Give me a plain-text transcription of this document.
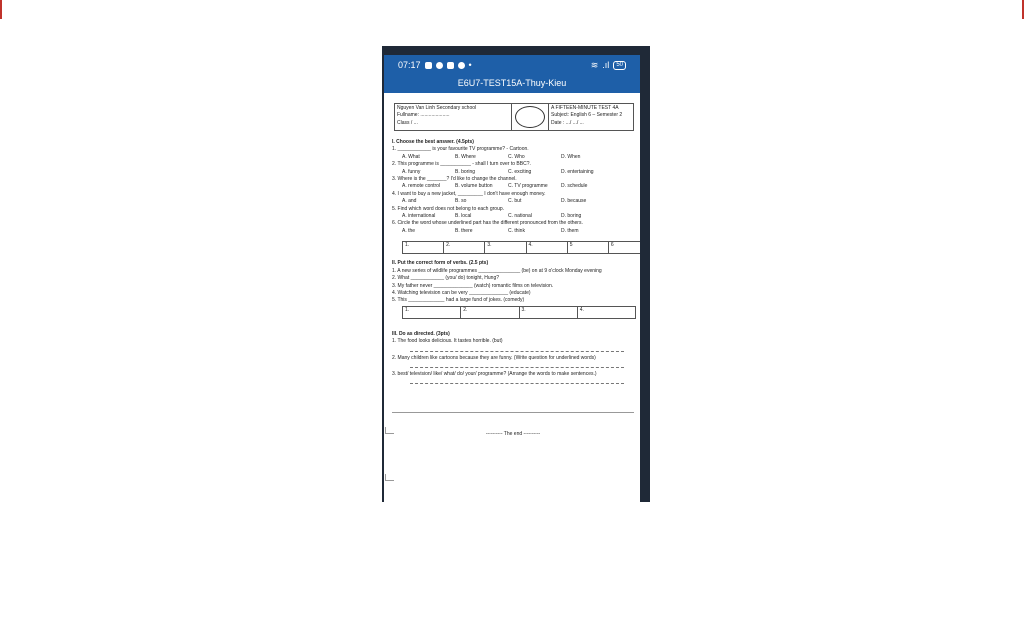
07:17	•	≋ .ıl	50
E6U7-TEST15A-Thuy-Kieu
Nguyen Van Linh Secondary school
Fullname: .....................
Class / ...
A FIFTEEN-MINUTE TEST 4A
Subject: English 6 – Semester 2
Date : .../ .../ ...
I. Choose the best answer. (4.5pts)
1. ____________ is your favourite TV programme? - Cartoon.
A. What	B. Where	C. Who	D. When
2. This programme is ___________ - shall I turn over to BBC?.
A. funny	B. boring	C. exciting	D. entertaining
3. Where is the _______? I'd like to change the channel.
A. remote control	B. volume button	C. TV programme	D. schedule
4. I want to buy a new jacket, _________ I don't have enough money.
A. and	B. so	C. but	D. because
5. Find which word does not belong to each group.
A. international	B. local	C. national	D. boring
6. Circle the word whose underlined part has the different pronounced from the others.
A. the	B. there	C. think	D. them
1.	2.	3.	4.	5	6
II. Put the correct form of verbs. (2.5 pts)
1. A new series of wildlife programmes _______________ (be) on at 9 o'clock Monday evening
2. What ____________ (you/ do) tonight, Hung?
3. My father never ______________ (watch) romantic films on television.
4. Watching television can be very ______________ (educate)
5. This _____________ had a large fund of jokes. (comedy)
1.	2.	3.	4.
III. Do as directed. (3pts)
1. The food looks delicious. It tastes horrible. (but)
2. Many children like cartoons because they are funny. (Write question for underlined words)
3. best/ television/ like/ what/ do/ your/ programme? (Arrange the words to make sentences.)
---------- The end ----------
